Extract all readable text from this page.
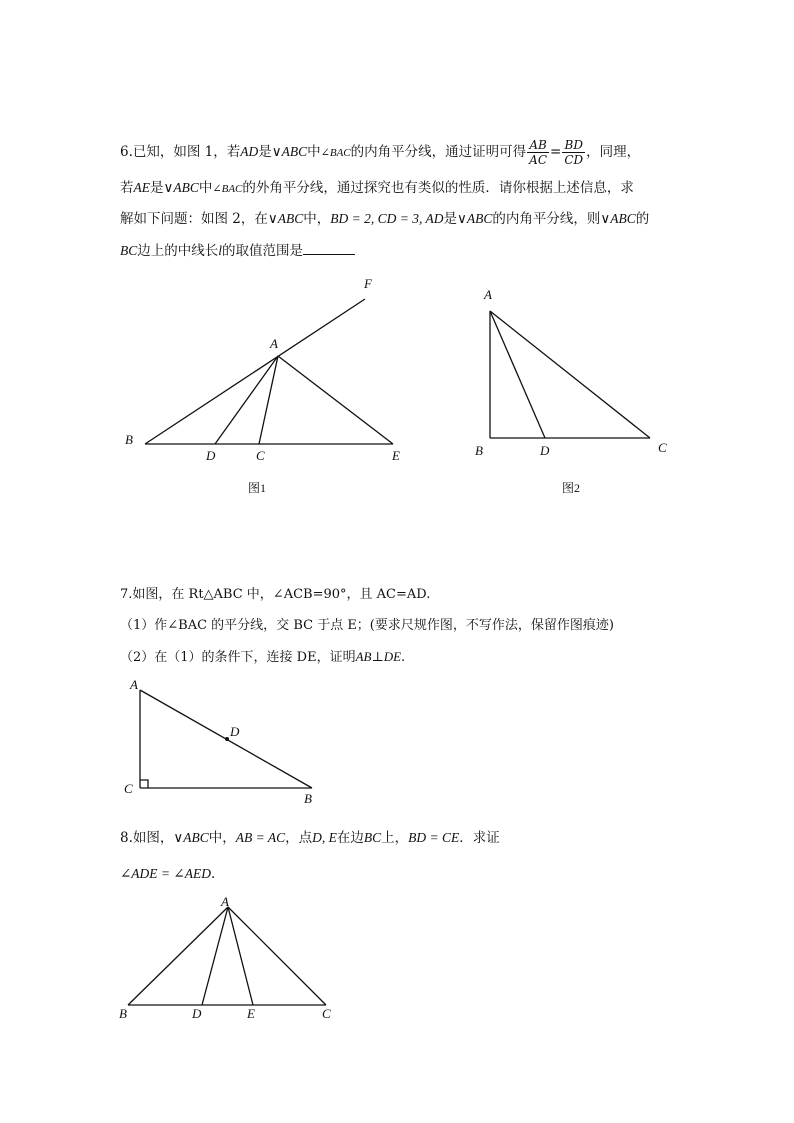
6.已知，如图 1，若AD是∨ABC中∠BAC的内角平分线，通过证明可得 $\frac{AB}{AC} = \frac{BD}{CD}$ ，同理，
若AE是∨ABC中∠BAC的外角平分线，通过探究也有类似的性质．请你根据上述信息，求
解如下问题：如图 2，在∨ABC中，BD = 2, CD = 3, AD是∨ABC的内角平分线，则∨ABC的
BC边上的中线长l的取值范围是
7.如图，在 Rt△ABC 中，∠ACB=90°，且 AC=AD.
（1）作∠BAC 的平分线，交 BC 于点 E；(要求尺规作图，不写作法，保留作图痕迹)
（2）在（1）的条件下，连接 DE，证明AB⊥DE.
8.如图，∨ABC中，AB = AC，点D, E在边BC上，BD = CE．求证
∠ADE = ∠AED．
F
A
B
D	C	E
图1
A
B	D	C
图2
A
D
C
B
A
B	D	E	C
